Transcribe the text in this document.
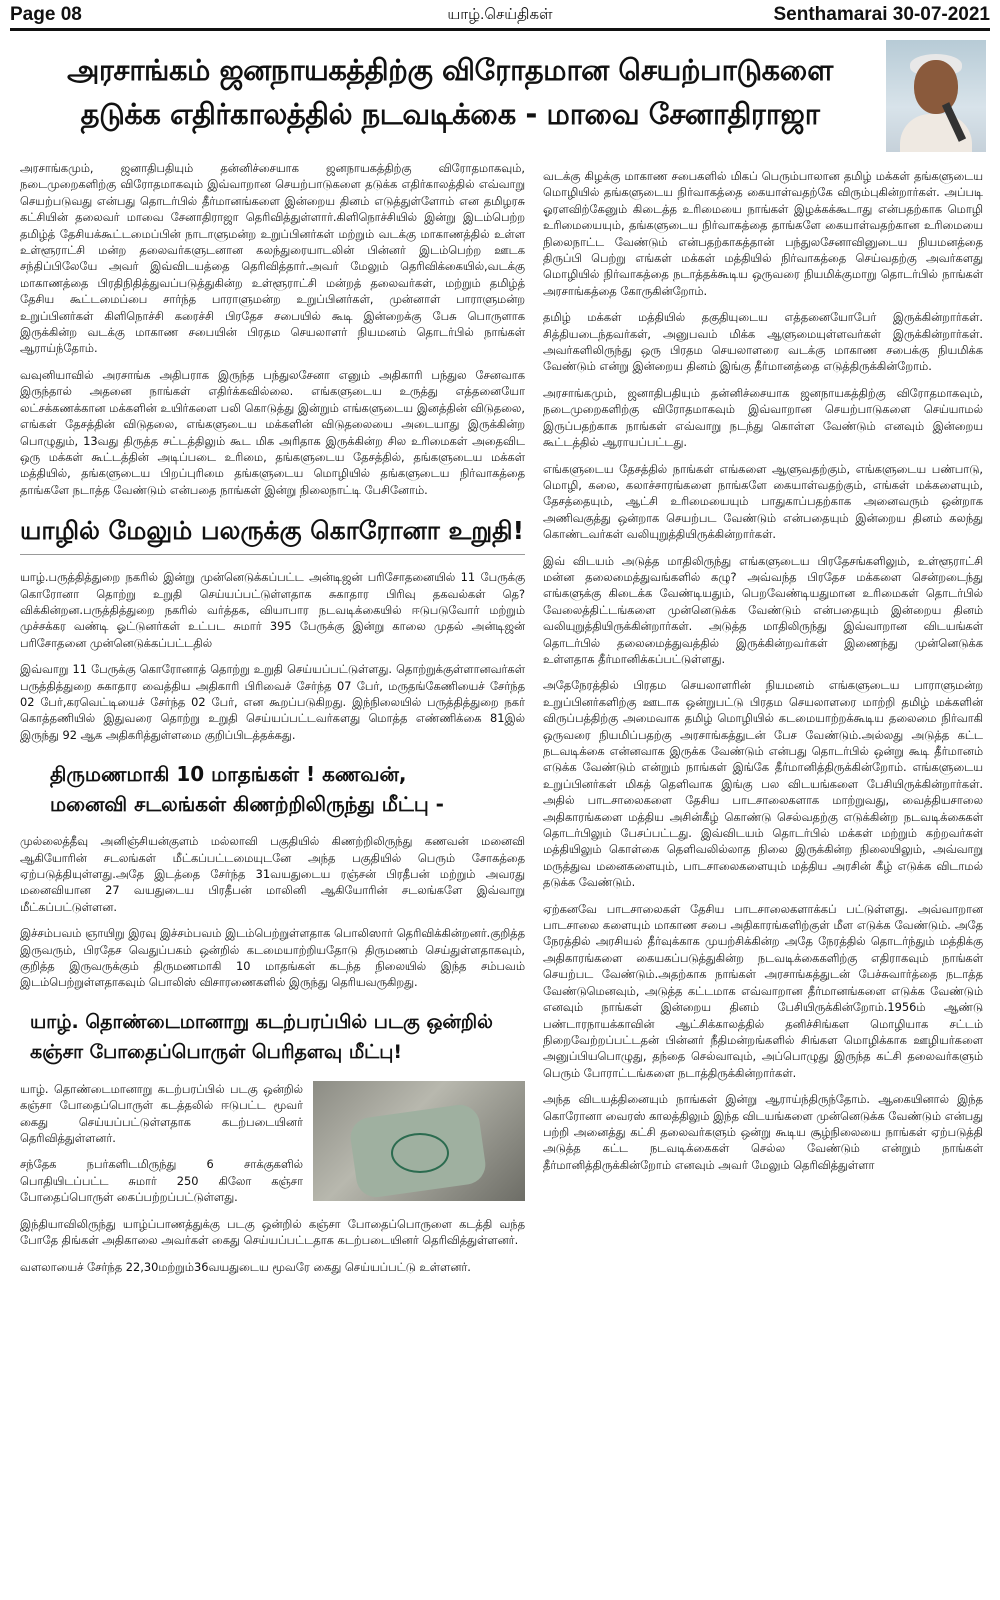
Page 08	யாழ்.செய்திகள்	Senthamarai 30-07-2021
அரசாங்கம் ஜனநாயகத்திற்கு விரோதமான செயற்பாடுகளை
தடுக்க எதிர்காலத்தில் நடவடிக்கை - மாவை சேனாதிராஜா

அரசாங்கமும், ஜனாதிபதியும் தன்னிச்சையாக ஜனநாயகத்திற்கு விரோதமாகவும், நடைமுறைகளிற்கு விரோதமாகவும் இவ்வாறான செயற்பாடுகளை தடுக்க எதிர்காலத்தில் எவ்வாறு செயற்படுவது என்பது தொடர்பில் தீர்மானங்களை இன்றைய தினம் எடுத்துள்ளோம் என தமிழரசு கட்சியின் தலைவர் மாவை சேனாதிராஜா தெரிவித்துள்ளார்.கிளிநொச்சியில் இன்று இடம்பெற்ற தமிழ்த் தேசியக்கூட்டமைப்பின் நாடாளுமன்ற உறுப்பினர்கள் மற்றும் வடக்கு மாகாணத்தில் உள்ள உள்ளூராட்சி மன்ற தலைவர்களுடனான கலந்துரையாடலின் பின்னர் இடம்பெற்ற ஊடக சந்திப்பிலேயே அவர் இவ்விடயத்தை தெரிவித்தார்.அவர் மேலும் தெரிவிக்கையில்,வடக்கு மாகாணத்தை பிரதிநிதித்துவப்படுத்துகின்ற உள்ளூராட்சி மன்றத் தலைவர்கள், மற்றும் தமிழ்த் தேசிய கூட்டமைப்பை சார்ந்த பாராளுமன்ற உறுப்பினர்கள், முன்னாள் பாராளுமன்ற உறுப்பினர்கள் கிளிநொச்சி கரைச்சி பிரதேச சபையில் கூடி இன்றைக்கு பேசு பொருளாக இருக்கின்ற வடக்கு மாகாண சபையின் பிரதம செயலாளர் நியமனம் தொடர்பில் நாங்கள் ஆராய்ந்தோம்.

வவுனியாவில் அரசாங்க அதிபராக இருந்த பந்துலசேனா எனும் அதிகாரி பந்துல சேனவாக இருந்தால் அதனை நாங்கள் எதிர்க்கவில்லை. எங்களுடைய உருத்து எத்தனையோ லட்சக்கணக்கான மக்களின் உயிர்களை பலி கொடுத்து இன்றும் எங்களுடைய இனத்தின் விடுதலை, எங்கள் தேசத்தின் விடுதலை, எங்களுடைய மக்களின் விடுதலையை அடையாது இருக்கின்ற பொழுதும், 13வது திருத்த சட்டத்திலும் கூட மிக அரிதாக இருக்கின்ற சில உரிமைகள் அதைவிட ஒரு மக்கள் கூட்டத்தின் அடிப்படை உரிமை, தங்களுடைய தேசத்தில், தங்களுடைய மக்கள் மத்தியில், தங்களுடைய பிறப்புரிமை தங்களுடைய மொழியில் தங்களுடைய நிர்வாகத்தை தாங்களே நடாத்த வேண்டும் என்பதை நாங்கள் இன்று நிலைநாட்டி பேசினோம்.

யாழில் மேலும் பலருக்கு கொரோனா உறுதி!

யாழ்.பருத்தித்துறை நகரில் இன்று முன்னெடுக்கப்பட்ட அன்டிஜன் பரிசோதனையில் 11 பேருக்கு கொரோனா தொற்று உறுதி செய்யப்பட்டுள்ளதாக சுகாதார பிரிவு தகவல்கள் தெ?விக்கின்றன.பருத்தித்துறை நகரில் வர்த்தக, வியாபார நடவடிக்கையில் ஈடுபடுவோர் மற்றும் முச்சக்கர வண்டி ஓட்டுனர்கள் உட்பட சுமார் 395 பேருக்கு இன்று காலை முதல் அன்டிஜன் பரிசோதனை முன்னெடுக்கப்பட்டதில்

இவ்வாறு 11 பேருக்கு கொரோனாத் தொற்று உறுதி செய்யப்பட்டுள்ளது. தொற்றுக்குள்ளானவர்கள் பருத்தித்துறை சுகாதார வைத்திய அதிகாரி பிரிவைச் சேர்ந்த 07 பேர், மருதங்கேணியைச் சேர்ந்த 02 பேர்,கரவெட்டியைச் சேர்ந்த 02 பேர், என கூறப்படுகிறது. இந்நிலையில் பருத்தித்துறை நகர் கொத்தணியில் இதுவரை தொற்று உறுதி செய்யப்பட்டவர்களது மொத்த எண்ணிக்கை 81இல் இருந்து 92 ஆக அதிகரித்துள்ளமை குறிப்பிடத்தக்கது.

திருமணமாகி 10 மாதங்கள் ! கணவன்,
மனைவி சடலங்கள் கிணற்றிலிருந்து மீட்பு -

முல்லைத்தீவு அனிஞ்சியன்குளம் மல்லாவி பகுதியில் கிணற்றிலிருந்து கணவன் மனைவி ஆகியோரின் சடலங்கள் மீட்கப்பட்டமையுடனே அந்த பகுதியில் பெரும் சோகத்தை ஏற்படுத்தியுள்ளது.அதே இடத்தை சேர்ந்த 31வயதுடைய ரஞ்சன் பிரதீபன் மற்றும் அவரது மனைவியான 27 வயதுடைய பிரதீபன் மாலினி ஆகியோரின் சடலங்களே இவ்வாறு மீட்கப்பட்டுள்ளன.

இச்சம்பவம் ஞாயிறு இரவு இச்சம்பவம் இடம்பெற்றுள்ளதாக பொலிஸார் தெரிவிக்கின்றனர்.குறித்த இருவரும், பிரதேச வெதுப்பகம் ஒன்றில் கடமையாற்றியதோடு திருமணம் செய்துள்ளதாகவும், குறித்த இருவருக்கும் திருமணமாகி 10 மாதங்கள் கடந்த நிலையில் இந்த சம்பவம் இடம்பெற்றுள்ளதாகவும் பொலிஸ் விசாரணைகளில் இருந்து தெரியவருகிறது.

யாழ். தொண்டைமானாறு கடற்பரப்பில் படகு ஒன்றில்
கஞ்சா போதைப்பொருள் பெரிதளவு மீட்பு!

யாழ். தொண்டைமானாறு கடற்பரப்பில் படகு ஒன்றில் கஞ்சா போதைப்பொருள் கடத்தலில் ஈடுபட்ட மூவர் கைது செய்யப்பட்டுள்ளதாக கடற்படையினர் தெரிவித்துள்ளனர்.

சந்தேக நபர்களிடமிருந்து 6 சாக்குகளில் பொதியிடப்பட்ட சுமார் 250 கிலோ கஞ்சா போதைப்பொருள் கைப்பற்றப்பட்டுள்ளது.

இந்தியாவிலிருந்து யாழ்ப்பாணத்துக்கு படகு ஒன்றில் கஞ்சா போதைப்பொருளை கடத்தி வந்த போதே திங்கள் அதிகாலை அவர்கள் கைது செய்யப்பட்டதாக கடற்படையினர் தெரிவித்துள்ளனர்.

வளலாயைச் சேர்ந்த 22,30மற்றும்36வயதுடைய மூவரே கைது செய்யப்பட்டு உள்ளனர்.

வடக்கு கிழக்கு மாகாண சபைகளில் மிகப் பெரும்பாலான தமிழ் மக்கள் தங்களுடைய மொழியில் தங்களுடைய நிர்வாகத்தை கையாள்வதற்கே விரும்புகின்றார்கள். அப்படி ஓரளவிற்கேனும் கிடைத்த உரிமையை நாங்கள் இழக்கக்கூடாது என்பதற்காக மொழி உரிமையையும், தங்களுடைய நிர்வாகத்தை தாங்களே கையாள்வதற்கான உரிமையை நிலைநாட்ட வேண்டும் என்பதற்காகத்தான் பந்துலசேனாவினுடைய நியமனத்தை திருப்பி பெற்று எங்கள் மக்கள் மத்தியில் நிர்வாகத்தை செய்வதற்கு அவர்களது மொழியில் நிர்வாகத்தை நடாத்தக்கூடிய ஒருவரை நியமிக்குமாறு தொடர்பில் நாங்கள் அரசாங்கத்தை கோருகின்றோம்.

தமிழ் மக்கள் மத்தியில் தகுதியுடைய எத்தனையோபேர் இருக்கின்றார்கள். சித்தியடைந்தவர்கள், அனுபவம் மிக்க ஆளுமையுள்ளவர்கள் இருக்கின்றார்கள். அவர்களிலிருந்து ஒரு பிரதம செயலாளரை வடக்கு மாகாண சபைக்கு நியமிக்க வேண்டும் என்று இன்றைய தினம் இங்கு தீர்மானத்தை எடுத்திருக்கின்றோம்.

அரசாங்கமும், ஜனாதிபதியும் தன்னிச்சையாக ஜனநாயகத்திற்கு விரோதமாகவும், நடைமுறைகளிற்கு விரோதமாகவும் இவ்வாறான செயற்பாடுகளை செய்யாமல் இருப்பதற்காக நாங்கள் எவ்வாறு நடந்து கொள்ள வேண்டும் எனவும் இன்றைய கூட்டத்தில் ஆராயப்பட்டது.

எங்களுடைய தேசத்தில் நாங்கள் எங்களை ஆளுவதற்கும், எங்களுடைய பண்பாடு, மொழி, கலை, கலாச்சாரங்களை நாங்களே கையாள்வதற்கும், எங்கள் மக்களையும், தேசத்தையும், ஆட்சி உரிமையையும் பாதுகாப்பதற்காக அனைவரும் ஒன்றாக அணிவகுத்து ஒன்றாக செயற்பட வேண்டும் என்பதையும் இன்றைய தினம் கலந்து கொண்டவர்கள் வலியுறுத்தியிருக்கின்றார்கள்.

இவ் விடயம் அடுத்த மாதிலிருந்து எங்களுடைய பிரதேசங்களிலும், உள்ளூராட்சி மன்ன தலைமைத்துவங்களில் கழு? அவ்வந்த பிரதேச மக்களை சென்றடைந்து எங்களுக்கு கிடைக்க வேண்டியதும், பெறவேண்டியதுமான உரிமைகள் தொடர்பில் வேலைத்திட்டங்களை முன்னெடுக்க வேண்டும் என்பதையும் இன்றைய தினம் வலியுறுத்தியிருக்கின்றார்கள். அடுத்த மாதிலிருந்து இவ்வாறான விடயங்கள் தொடர்பில் தலைமைத்துவத்தில் இருக்கின்றவர்கள் இணைந்து முன்னெடுக்க உள்ளதாக தீர்மானிக்கப்பட்டுள்ளது.

அதேநேரத்தில் பிரதம செயலாளரின் நியமனம் எங்களுடைய பாராளுமன்ற உறுப்பினர்களிற்கு ஊடாக ஒன்றுபட்டு பிரதம செயலாளரை மாற்றி தமிழ் மக்களின் விருப்பத்திற்கு அமைவாக தமிழ் மொழியில் கடமையாற்றக்கூடிய தலைமை நிர்வாகி ஒருவரை நியமிப்பதற்கு அரசாங்கத்துடன் பேச வேண்டும்.அல்லது அடுத்த கட்ட நடவடிக்கை என்னவாக இருக்க வேண்டும் என்பது தொடர்பில் ஒன்று கூடி தீர்மானம் எடுக்க வேண்டும் என்றும் நாங்கள் இங்கே தீர்மானித்திருக்கின்றோம். எங்களுடைய உறுப்பினர்கள் மிகத் தெளிவாக இங்கு பல விடயங்களை பேசியிருக்கின்றார்கள். அதில் பாடசாலைகளை தேசிய பாடசாலைகளாக மாற்றுவது, வைத்தியசாலை அதிகாரங்களை மத்திய அசின்கீழ் கொண்டு செல்வதற்கு எடுக்கின்ற நடவடிக்கைகள் தொடர்பிலும் பேசப்பட்டது. இவ்விடயம் தொடர்பில் மக்கள் மற்றும் கற்றவர்கள் மத்தியிலும் கொள்கை தெளிவலில்லாத நிலை இருக்கின்ற நிலையிலும், அவ்வாறு மருத்துவ மனைகளையும், பாடசாலைகளையும் மத்திய அரசின் கீழ் எடுக்க விடாமல் தடுக்க வேண்டும்.

ஏற்கனவே பாடசாலைகள் தேசிய பாடசாலைகளாக்கப் பட்டுள்ளது. அவ்வாறான பாடசாலை களையும் மாகாண சபை அதிகாரங்களிற்குள் மீள எடுக்க வேண்டும். அதே நேரத்தில் அரசியல் தீர்வுக்காக முயற்சிக்கின்ற அதே நேரத்தில் தொடர்ந்தும் மத்திக்கு அதிகாரங்களை கையகப்படுத்துகின்ற நடவடிக்கைகளிற்கு எதிராகவும் நாங்கள் செயற்பட வேண்டும்.அதற்காக நாங்கள் அரசாங்கத்துடன் பேச்சுவார்த்தை நடாத்த வேண்டுமெனவும், அடுத்த கட்டமாக எவ்வாறான தீர்மானங்களை எடுக்க வேண்டும் எனவும் நாங்கள் இன்றைய தினம் பேசியிருக்கின்றோம்.1956ம் ஆண்டு பண்டாரநாயக்காவின் ஆட்சிக்காலத்தில் தனிச்சிங்கள மொழியாக சட்டம் நிறைவேற்றப்பட்டதன் பின்னர் நீதிமன்றங்களில் சிங்கள மொழிக்காக ஊழியர்களை அனுப்பியபொழுது, தந்தை செல்வாவும், அப்பொழுது இருந்த கட்சி தலைவர்களும் பெரும் போராட்டங்களை நடாத்திருக்கின்றார்கள்.

அந்த விடயத்தினையும் நாங்கள் இன்று ஆராய்ந்திருந்தோம். ஆகையினால் இந்த கொரோனா வைரஸ் காலத்திலும் இந்த விடயங்களை முன்னெடுக்க வேண்டும் என்பது பற்றி அனைத்து கட்சி தலைவர்களும் ஒன்று கூடிய சூழ்நிலையை நாங்கள் ஏற்படுத்தி அடுத்த கட்ட நடவடிக்கைகள் செல்ல வேண்டும் என்றும் நாங்கள் தீர்மானித்திருக்கின்றோம் எனவும் அவர் மேலும் தெரிவித்துள்ளா
